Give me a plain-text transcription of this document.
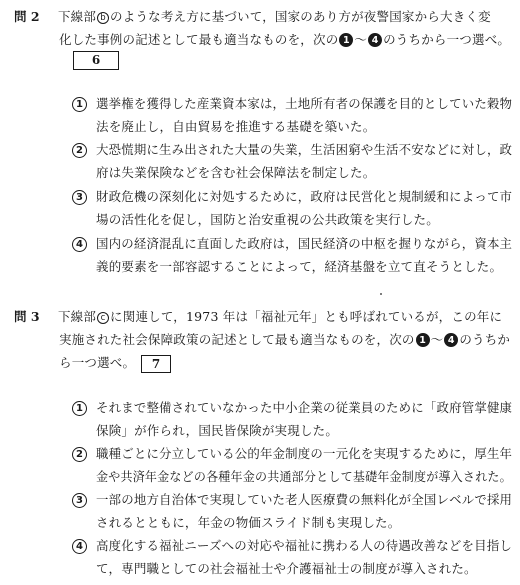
問 2 下線部 b のような考え方に基づいて，国家のあり方が夜警国家から大きく変
化した事例の記述として最も適当なものを，次の 1 ～ 4 のうちから一つ選べ。
6
1	選挙権を獲得した産業資本家は，土地所有者の保護を目的としていた穀物
法を廃止し，自由貿易を推進する基礎を築いた。
2	大恐慌期に生み出された大量の失業，生活困窮や生活不安などに対し，政
府は失業保険などを含む社会保障法を制定した。
3	財政危機の深刻化に対処するために，政府は民営化と規制緩和によって市
場の活性化を促し，国防と治安重視の公共政策を実行した。
4	国内の経済混乱に直面した政府は，国民経済の中枢を握りながら，資本主
義的要素を一部容認することによって，経済基盤を立て直そうとした。
問 3 下線部 c に関連して，1973 年は「福祉元年」とも呼ばれているが，この年に
実施された社会保障政策の記述として最も適当なものを，次の 1 ～ 4 のうちか
ら一つ選べ。 7
1	それまで整備されていなかった中小企業の従業員のために「政府管掌健康
保険」が作られ，国民皆保険が実現した。
2	職種ごとに分立している公的年金制度の一元化を実現するために，厚生年
金や共済年金などの各種年金の共通部分として基礎年金制度が導入された。
3	一部の地方自治体で実現していた老人医療費の無料化が全国レベルで採用
されるとともに，年金の物価スライド制も実現した。
4	高度化する福祉ニーズへの対応や福祉に携わる人の待遇改善などを目指し
て，専門職としての社会福祉士や介護福祉士の制度が導入された。
